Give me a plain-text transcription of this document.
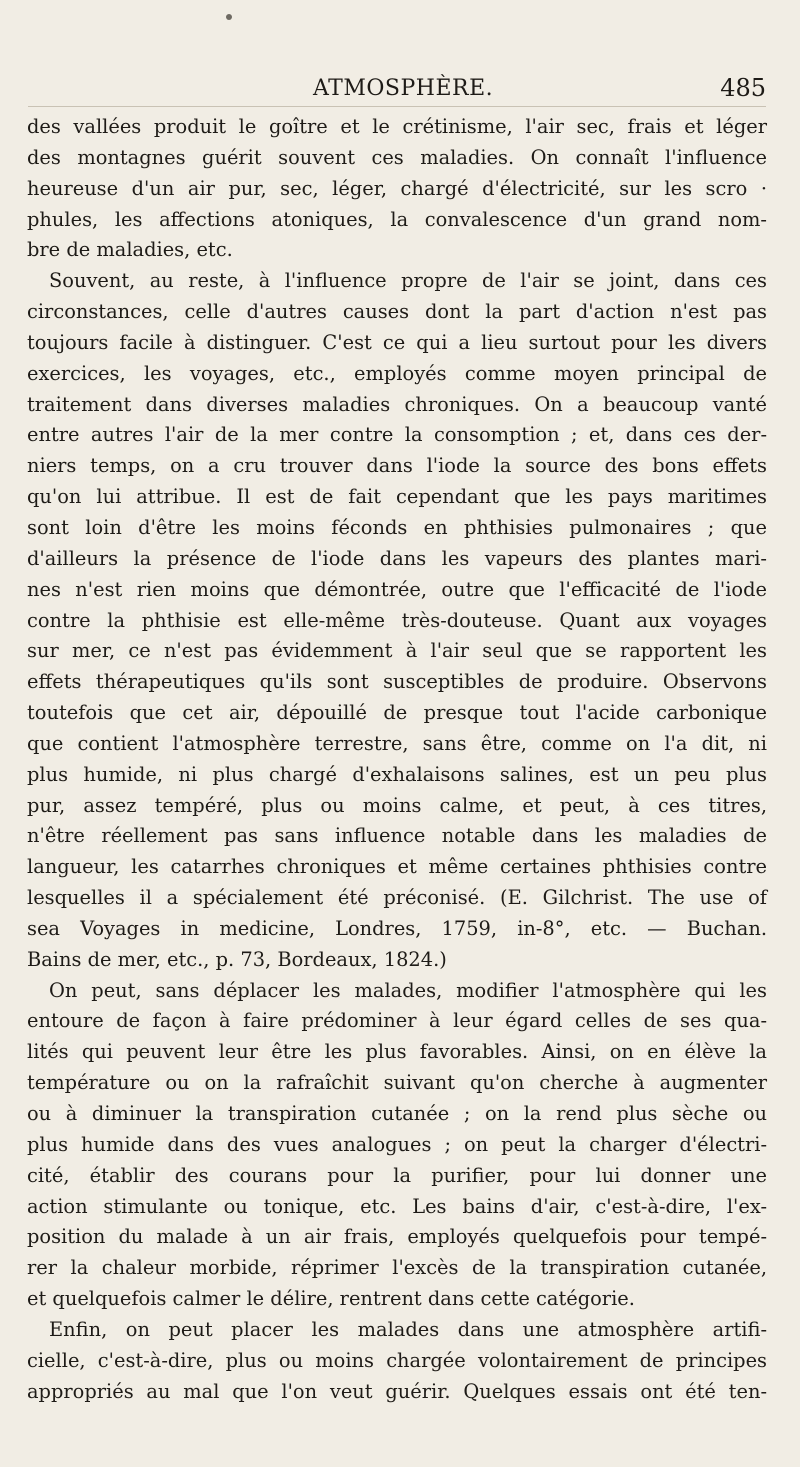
ATMOSPHÈRE.	485
des vallées produit le goître et le crétinisme, l'air sec, frais et léger
des montagnes guérit souvent ces maladies. On connaît l'influence
heureuse d'un air pur, sec, léger, chargé d'électricité, sur les scro ·
phules, les affections atoniques, la convalescence d'un grand nom-
bre de maladies, etc.
Souvent, au reste, à l'influence propre de l'air se joint, dans ces
circonstances, celle d'autres causes dont la part d'action n'est pas
toujours facile à distinguer. C'est ce qui a lieu surtout pour les divers
exercices, les voyages, etc., employés comme moyen principal de
traitement dans diverses maladies chroniques. On a beaucoup vanté
entre autres l'air de la mer contre la consomption ; et, dans ces der-
niers temps, on a cru trouver dans l'iode la source des bons effets
qu'on lui attribue. Il est de fait cependant que les pays maritimes
sont loin d'être les moins féconds en phthisies pulmonaires ; que
d'ailleurs la présence de l'iode dans les vapeurs des plantes mari-
nes n'est rien moins que démontrée, outre que l'efficacité de l'iode
contre la phthisie est elle-même très-douteuse. Quant aux voyages
sur mer, ce n'est pas évidemment à l'air seul que se rapportent les
effets thérapeutiques qu'ils sont susceptibles de produire. Observons
toutefois que cet air, dépouillé de presque tout l'acide carbonique
que contient l'atmosphère terrestre, sans être, comme on l'a dit, ni
plus humide, ni plus chargé d'exhalaisons salines, est un peu plus
pur, assez tempéré, plus ou moins calme, et peut, à ces titres,
n'être réellement pas sans influence notable dans les maladies de
langueur, les catarrhes chroniques et même certaines phthisies contre
lesquelles il a spécialement été préconisé. (E. Gilchrist. The use of
sea Voyages in medicine, Londres, 1759, in-8°, etc. — Buchan.
Bains de mer, etc., p. 73, Bordeaux, 1824.)
On peut, sans déplacer les malades, modifier l'atmosphère qui les
entoure de façon à faire prédominer à leur égard celles de ses qua-
lités qui peuvent leur être les plus favorables. Ainsi, on en élève la
température ou on la rafraîchit suivant qu'on cherche à augmenter
ou à diminuer la transpiration cutanée ; on la rend plus sèche ou
plus humide dans des vues analogues ; on peut la charger d'électri-
cité, établir des courans pour la purifier, pour lui donner une
action stimulante ou tonique, etc. Les bains d'air, c'est-à-dire, l'ex-
position du malade à un air frais, employés quelquefois pour tempé-
rer la chaleur morbide, réprimer l'excès de la transpiration cutanée,
et quelquefois calmer le délire, rentrent dans cette catégorie.
Enfin, on peut placer les malades dans une atmosphère artifi-
cielle, c'est-à-dire, plus ou moins chargée volontairement de principes
appropriés au mal que l'on veut guérir. Quelques essais ont été ten-
